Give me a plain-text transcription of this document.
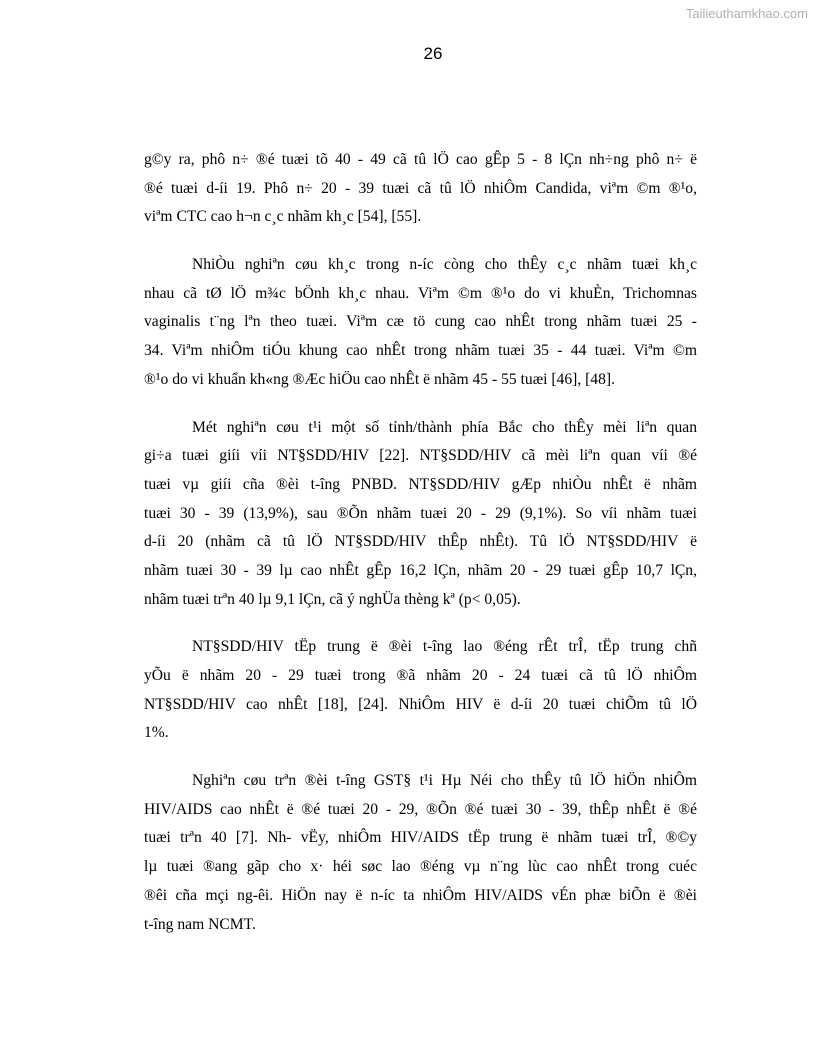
Tailieuthamkhao.com
26
g©y ra, phô n÷ ®é tuæi tõ 40 - 49 cã tû lÖ cao gÊp 5 - 8 lÇn nh÷ng phô n÷ ë
®é tuæi d-íi 19. Phô n÷ 20 - 39 tuæi cã tû lÖ nhiÔm Candida, viªm ©m ®¹o,
viªm CTC cao h¬n c¸c nhãm kh¸c [54], [55].
NhiÒu nghiªn cøu kh¸c trong n-íc còng cho thÊy c¸c nhãm tuæi kh¸c
nhau cã tØ lÖ m¾c bÖnh kh¸c nhau. Viªm ©m ®¹o do vi khuÈn, Trichomnas
vaginalis t¨ng lªn theo tuæi. Viªm cæ tö cung cao nhÊt trong nhãm tuæi 25 -
34. Viªm nhiÔm tiÓu khung cao nhÊt trong nhãm tuæi 35 - 44 tuæi. Viªm ©m
®¹o do vi khuẩn kh«ng ®Æc hiÖu cao nhÊt ë nhãm 45 - 55 tuæi [46], [48].
Mét nghiªn cøu t¹i một số tỉnh/thành phía Bắc cho thÊy mèi liªn quan
gi÷a tuæi giíi víi NT§SDD/HIV [22]. NT§SDD/HIV cã mèi liªn quan víi ®é
tuæi vµ giíi cña ®èi t-îng PNBD. NT§SDD/HIV gÆp nhiÒu nhÊt ë nhãm
tuæi 30 - 39 (13,9%), sau ®Õn nhãm tuæi 20 - 29 (9,1%). So víi nhãm tuæi
d-íi 20 (nhãm cã tû lÖ NT§SDD/HIV thÊp nhÊt). Tû lÖ NT§SDD/HIV ë
nhãm tuæi 30 - 39 lµ cao nhÊt gÊp 16,2 lÇn, nhãm 20 - 29 tuæi gÊp 10,7 lÇn,
nhãm tuæi trªn 40 lµ 9,1 lÇn, cã ý nghÜa thèng kª (p< 0,05).
NT§SDD/HIV tËp trung ë ®èi t-îng lao ®éng rÊt trÎ, tËp trung chñ
yÕu ë nhãm 20 - 29 tuæi trong ®ã nhãm 20 - 24 tuæi cã tû lÖ nhiÔm
NT§SDD/HIV cao nhÊt [18], [24]. NhiÔm HIV ë d-íi 20 tuæi chiÕm tû lÖ
1%.
Nghiªn cøu trªn ®èi t-îng GST§ t¹i Hµ Néi cho thÊy tû lÖ hiÖn nhiÔm
HIV/AIDS cao nhÊt ë ®é tuæi 20 - 29, ®Õn ®é tuæi 30 - 39, thÊp nhÊt ë ®é
tuæi trªn 40 [7]. Nh- vËy, nhiÔm HIV/AIDS tËp trung ë nhãm tuæi trÎ, ®©y
lµ tuæi ®ang gãp cho x· héi søc lao ®éng vµ n¨ng lùc cao nhÊt trong cuéc
®êi cña mçi ng-êi. HiÖn nay ë n-íc ta nhiÔm HIV/AIDS vÉn phæ biÕn ë ®èi
t-îng nam NCMT.
